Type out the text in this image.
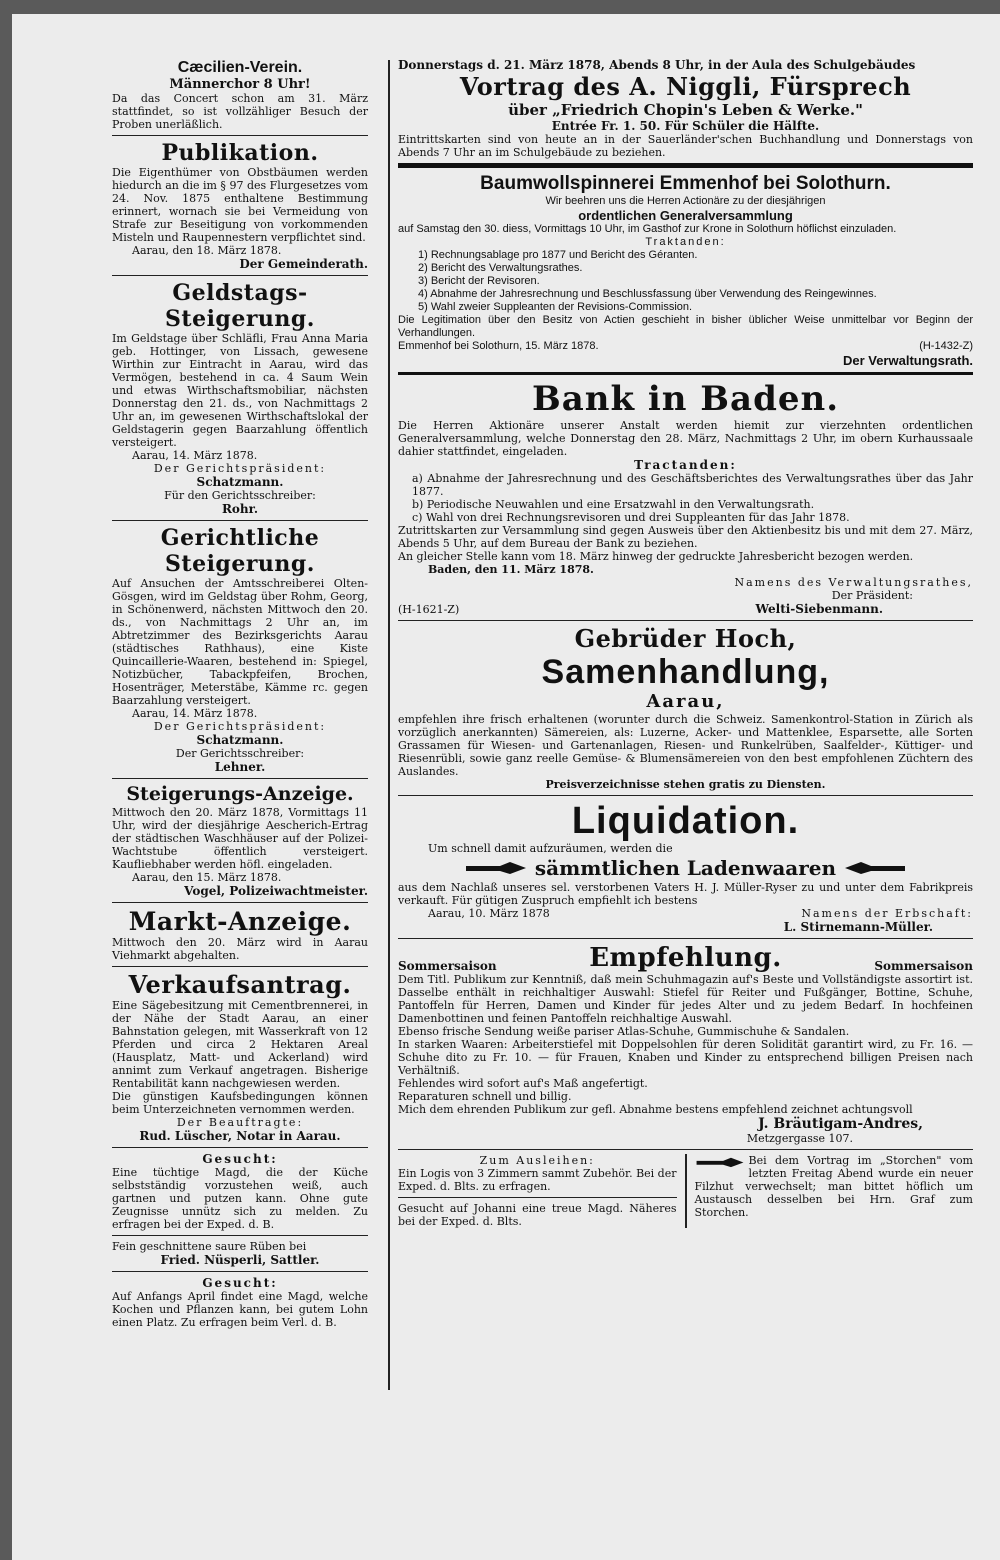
Cæcilien-Verein.
Männerchor 8 Uhr!
Da das Concert schon am 31. März stattfindet, so ist vollzähliger Besuch der Proben unerläßlich.
Publikation.
Die Eigenthümer von Obstbäumen werden hiedurch an die im § 97 des Flurgesetzes vom 24. Nov. 1875 enthaltene Bestimmung erinnert, wornach sie bei Vermeidung von Strafe zur Beseitigung von vorkommenden Misteln und Raupennestern verpflichtet sind.
Aarau, den 18. März 1878.
Der Gemeinderath.
Geldstags-Steigerung.
Im Geldstage über Schläfli, Frau Anna Maria geb. Hottinger, von Lissach, gewesene Wirthin zur Eintracht in Aarau, wird das Vermögen, bestehend in ca. 4 Saum Wein und etwas Wirthschaftsmobiliar, nächsten Donnerstag den 21. ds., von Nachmittags 2 Uhr an, im gewesenen Wirthschaftslokal der Geldstagerin gegen Baarzahlung öffentlich versteigert.
Aarau, 14. März 1878.
Der Gerichtspräsident:
Schatzmann.
Für den Gerichtsschreiber:
Rohr.
Gerichtliche Steigerung.
Auf Ansuchen der Amtsschreiberei Olten-Gösgen, wird im Geldstag über Rohm, Georg, in Schönenwerd, nächsten Mittwoch den 20. ds., von Nachmittags 2 Uhr an, im Abtretzimmer des Bezirksgerichts Aarau (städtisches Rathhaus), eine Kiste Quincaillerie-Waaren, bestehend in: Spiegel, Notizbücher, Tabackpfeifen, Brochen, Hosenträger, Meterstäbe, Kämme rc. gegen Baarzahlung versteigert.
Aarau, 14. März 1878.
Der Gerichtspräsident:
Schatzmann.
Der Gerichtsschreiber:
Lehner.
Steigerungs-Anzeige.
Mittwoch den 20. März 1878, Vormittags 11 Uhr, wird der diesjährige Aescherich-Ertrag der städtischen Waschhäuser auf der Polizei-Wachtstube öffentlich versteigert. Kaufliebhaber werden höfl. eingeladen.
Aarau, den 15. März 1878.
Vogel, Polizeiwachtmeister.
Markt-Anzeige.
Mittwoch den 20. März wird in Aarau Viehmarkt abgehalten.
Verkaufsantrag.
Eine Sägebesitzung mit Cementbrennerei, in der Nähe der Stadt Aarau, an einer Bahnstation gelegen, mit Wasserkraft von 12 Pferden und circa 2 Hektaren Areal (Hausplatz, Matt- und Ackerland) wird annimt zum Verkauf angetragen. Bisherige Rentabilität kann nachgewiesen werden.
Die günstigen Kaufsbedingungen können beim Unterzeichneten vernommen werden.
Der Beauftragte:
Rud. Lüscher, Notar in Aarau.
Gesucht:
Eine tüchtige Magd, die der Küche selbstständig vorzustehen weiß, auch gartnen und putzen kann. Ohne gute Zeugnisse unnütz sich zu melden. Zu erfragen bei der Exped. d. B.
Fein geschnittene saure Rüben bei
Fried. Nüsperli, Sattler.
Gesucht:
Auf Anfangs April findet eine Magd, welche Kochen und Pflanzen kann, bei gutem Lohn einen Platz. Zu erfragen beim Verl. d. B.
Donnerstags d. 21. März 1878, Abends 8 Uhr, in der Aula des Schulgebäudes
Vortrag des A. Niggli, Fürsprech
über „Friedrich Chopin's Leben & Werke."
Entrée Fr. 1. 50. Für Schüler die Hälfte.
Eintrittskarten sind von heute an in der Sauerländer'schen Buchhandlung und Donnerstags von Abends 7 Uhr an im Schulgebäude zu beziehen.
Baumwollspinnerei Emmenhof bei Solothurn.
Wir beehren uns die Herren Actionäre zu der diesjährigen
ordentlichen Generalversammlung
auf Samstag den 30. diess, Vormittags 10 Uhr, im Gasthof zur Krone in Solothurn höflichst einzuladen.
Traktanden:
1) Rechnungsablage pro 1877 und Bericht des Géranten.
2) Bericht des Verwaltungsrathes.
3) Bericht der Revisoren.
4) Abnahme der Jahresrechnung und Beschlussfassung über Verwendung des Reingewinnes.
5) Wahl zweier Suppleanten der Revisions-Commission.
Die Legitimation über den Besitz von Actien geschieht in bisher üblicher Weise unmittelbar vor Beginn der Verhandlungen.
Emmenhof bei Solothurn, 15. März 1878.	(H-1432-Z)
Der Verwaltungsrath.
Bank in Baden.
Die Herren Aktionäre unserer Anstalt werden hiemit zur vierzehnten ordentlichen Generalversammlung, welche Donnerstag den 28. März, Nachmittags 2 Uhr, im obern Kurhaussaale dahier stattfindet, eingeladen.
Tractanden:
a) Abnahme der Jahresrechnung und des Geschäftsberichtes des Verwaltungsrathes über das Jahr 1877.
b) Periodische Neuwahlen und eine Ersatzwahl in den Verwaltungsrath.
c) Wahl von drei Rechnungsrevisoren und drei Suppleanten für das Jahr 1878.
Zutrittskarten zur Versammlung sind gegen Ausweis über den Aktienbesitz bis und mit dem 27. März, Abends 5 Uhr, auf dem Bureau der Bank zu beziehen.
An gleicher Stelle kann vom 18. März hinweg der gedruckte Jahresbericht bezogen werden.
Baden, den 11. März 1878.
Namens des Verwaltungsrathes,
Der Präsident:
(H-1621-Z)	Welti-Siebenmann.
Gebrüder Hoch,
Samenhandlung,
Aarau,
empfehlen ihre frisch erhaltenen (worunter durch die Schweiz. Samenkontrol-Station in Zürich als vorzüglich anerkannten) Sämereien, als: Luzerne, Acker- und Mattenklee, Esparsette, alle Sorten Grassamen für Wiesen- und Gartenanlagen, Riesen- und Runkelrüben, Saalfelder-, Küttiger- und Riesenrübli, sowie ganz reelle Gemüse- & Blumensämereien von den best empfohlenen Züchtern des Auslandes.
Preisverzeichnisse stehen gratis zu Diensten.
Liquidation.
Um schnell damit aufzuräumen, werden die
sämmtlichen Ladenwaaren
aus dem Nachlaß unseres sel. verstorbenen Vaters H. J. Müller-Ryser zu und unter dem Fabrikpreis verkauft. Für gütigen Zuspruch empfiehlt ich bestens
Aarau, 10. März 1878	Namens der Erbschaft:
L. Stirnemann-Müller.
Sommersaison	Empfehlung.	Sommersaison
Dem Titl. Publikum zur Kenntniß, daß mein Schuhmagazin auf's Beste und Vollständigste assortirt ist. Dasselbe enthält in reichhaltiger Auswahl: Stiefel für Reiter und Fußgänger, Bottine, Schuhe, Pantoffeln für Herren, Damen und Kinder für jedes Alter und zu jedem Bedarf. In hochfeinen Damenbottinen und feinen Pantoffeln reichhaltige Auswahl.
Ebenso frische Sendung weiße pariser Atlas-Schuhe, Gummischuhe & Sandalen.
In starken Waaren: Arbeiterstiefel mit Doppelsohlen für deren Solidität garantirt wird, zu Fr. 16. — Schuhe dito zu Fr. 10. — für Frauen, Knaben und Kinder zu entsprechend billigen Preisen nach Verhältniß.
Fehlendes wird sofort auf's Maß angefertigt.
Reparaturen schnell und billig.
Mich dem ehrenden Publikum zur gefl. Abnahme bestens empfehlend zeichnet achtungsvoll
J. Bräutigam-Andres,
Metzgergasse 107.
Zum Ausleihen:
Ein Logis von 3 Zimmern sammt Zubehör. Bei der Exped. d. Blts. zu erfragen.
Gesucht auf Johanni eine treue Magd. Näheres bei der Exped. d. Blts.
Bei dem Vortrag im „Storchen" vom letzten Freitag Abend wurde ein neuer Filzhut verwechselt; man bittet höflich um Austausch desselben bei Hrn. Graf zum Storchen.
